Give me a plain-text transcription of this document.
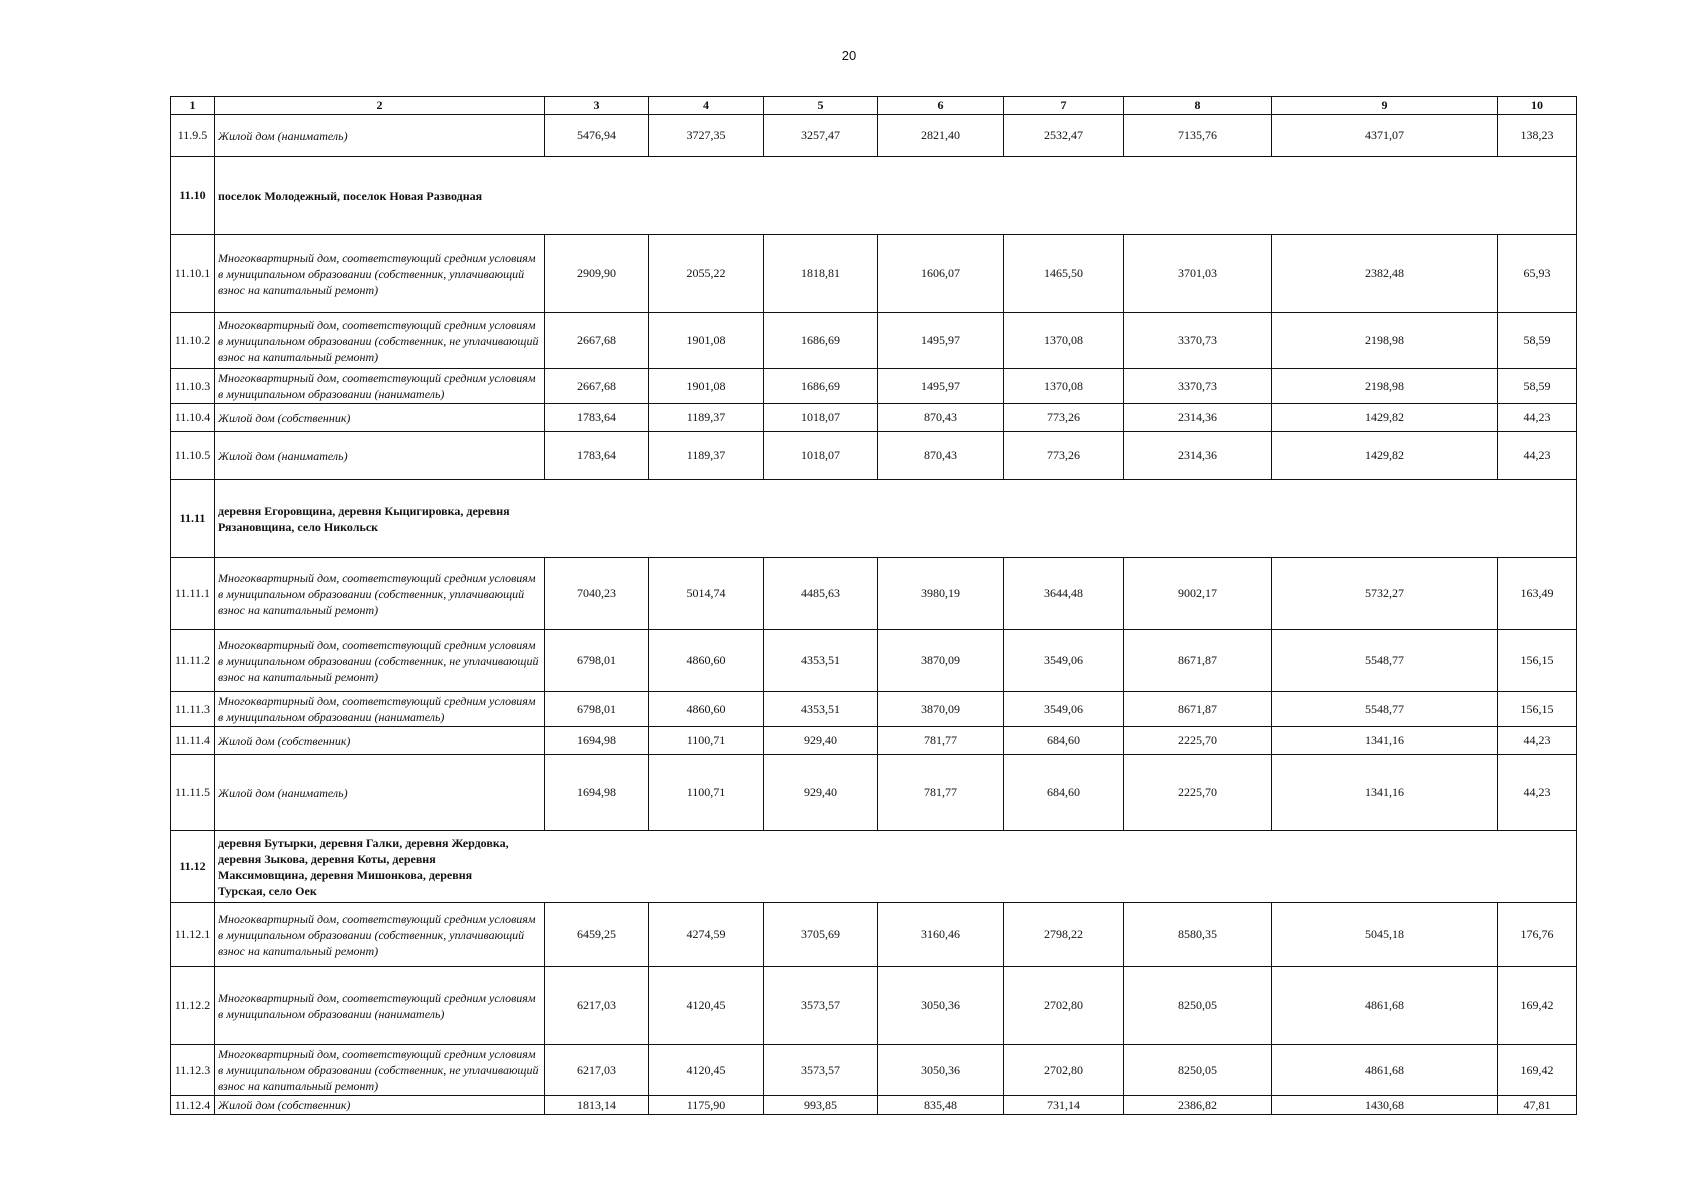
20
1	2	3	4	5	6	7	8	9	10
11.9.5	Жилой дом (наниматель)	5476,94	3727,35	3257,47	2821,40	2532,47	7135,76	4371,07	138,23
11.10	поселок Молодежный, поселок Новая Разводная								

11.10.1	Многоквартирный дом, соответствующий средним условиям в муниципальном образовании (собственник, уплачивающий взнос на капитальный ремонт)	2909,90	2055,22	1818,81	1606,07	1465,50	3701,03	2382,48	65,93
11.10.2	Многоквартирный дом, соответствующий средним условиям в муниципальном образовании (собственник, не уплачивающий взнос на капитальный ремонт)	2667,68	1901,08	1686,69	1495,97	1370,08	3370,73	2198,98	58,59
11.10.3	Многоквартирный дом, соответствующий средним условиям в муниципальном образовании (наниматель)	2667,68	1901,08	1686,69	1495,97	1370,08	3370,73	2198,98	58,59
11.10.4	Жилой дом (собственник)	1783,64	1189,37	1018,07	870,43	773,26	2314,36	1429,82	44,23
11.10.5	Жилой дом (наниматель)	1783,64	1189,37	1018,07	870,43	773,26	2314,36	1429,82	44,23
11.11	деревня Егоровщина, деревня Кыцигировка, деревня Рязановщина, село Никольск								

11.11.1	Многоквартирный дом, соответствующий средним условиям в муниципальном образовании (собственник, уплачивающий взнос на капитальный ремонт)	7040,23	5014,74	4485,63	3980,19	3644,48	9002,17	5732,27	163,49
11.11.2	Многоквартирный дом, соответствующий средним условиям в муниципальном образовании (собственник, не уплачивающий взнос на капитальный ремонт)	6798,01	4860,60	4353,51	3870,09	3549,06	8671,87	5548,77	156,15
11.11.3	Многоквартирный дом, соответствующий средним условиям в муниципальном образовании (наниматель)	6798,01	4860,60	4353,51	3870,09	3549,06	8671,87	5548,77	156,15
11.11.4	Жилой дом (собственник)	1694,98	1100,71	929,40	781,77	684,60	2225,70	1341,16	44,23
11.11.5	Жилой дом (наниматель)	1694,98	1100,71	929,40	781,77	684,60	2225,70	1341,16	44,23
11.12	деревня Бутырки, деревня Галки, деревня Жердовка, деревня Зыкова, деревня Коты, деревня Максимовщина, деревня Мишонкова, деревня Турская, село Оек								

11.12.1	Многоквартирный дом, соответствующий средним условиям в муниципальном образовании (собственник, уплачивающий взнос на капитальный ремонт)	6459,25	4274,59	3705,69	3160,46	2798,22	8580,35	5045,18	176,76
11.12.2	Многоквартирный дом, соответствующий средним условиям в муниципальном образовании (наниматель)	6217,03	4120,45	3573,57	3050,36	2702,80	8250,05	4861,68	169,42
11.12.3	Многоквартирный дом, соответствующий средним условиям в муниципальном образовании (собственник, не уплачивающий взнос на капитальный ремонт)	6217,03	4120,45	3573,57	3050,36	2702,80	8250,05	4861,68	169,42
11.12.4	Жилой дом (собственник)	1813,14	1175,90	993,85	835,48	731,14	2386,82	1430,68	47,81
